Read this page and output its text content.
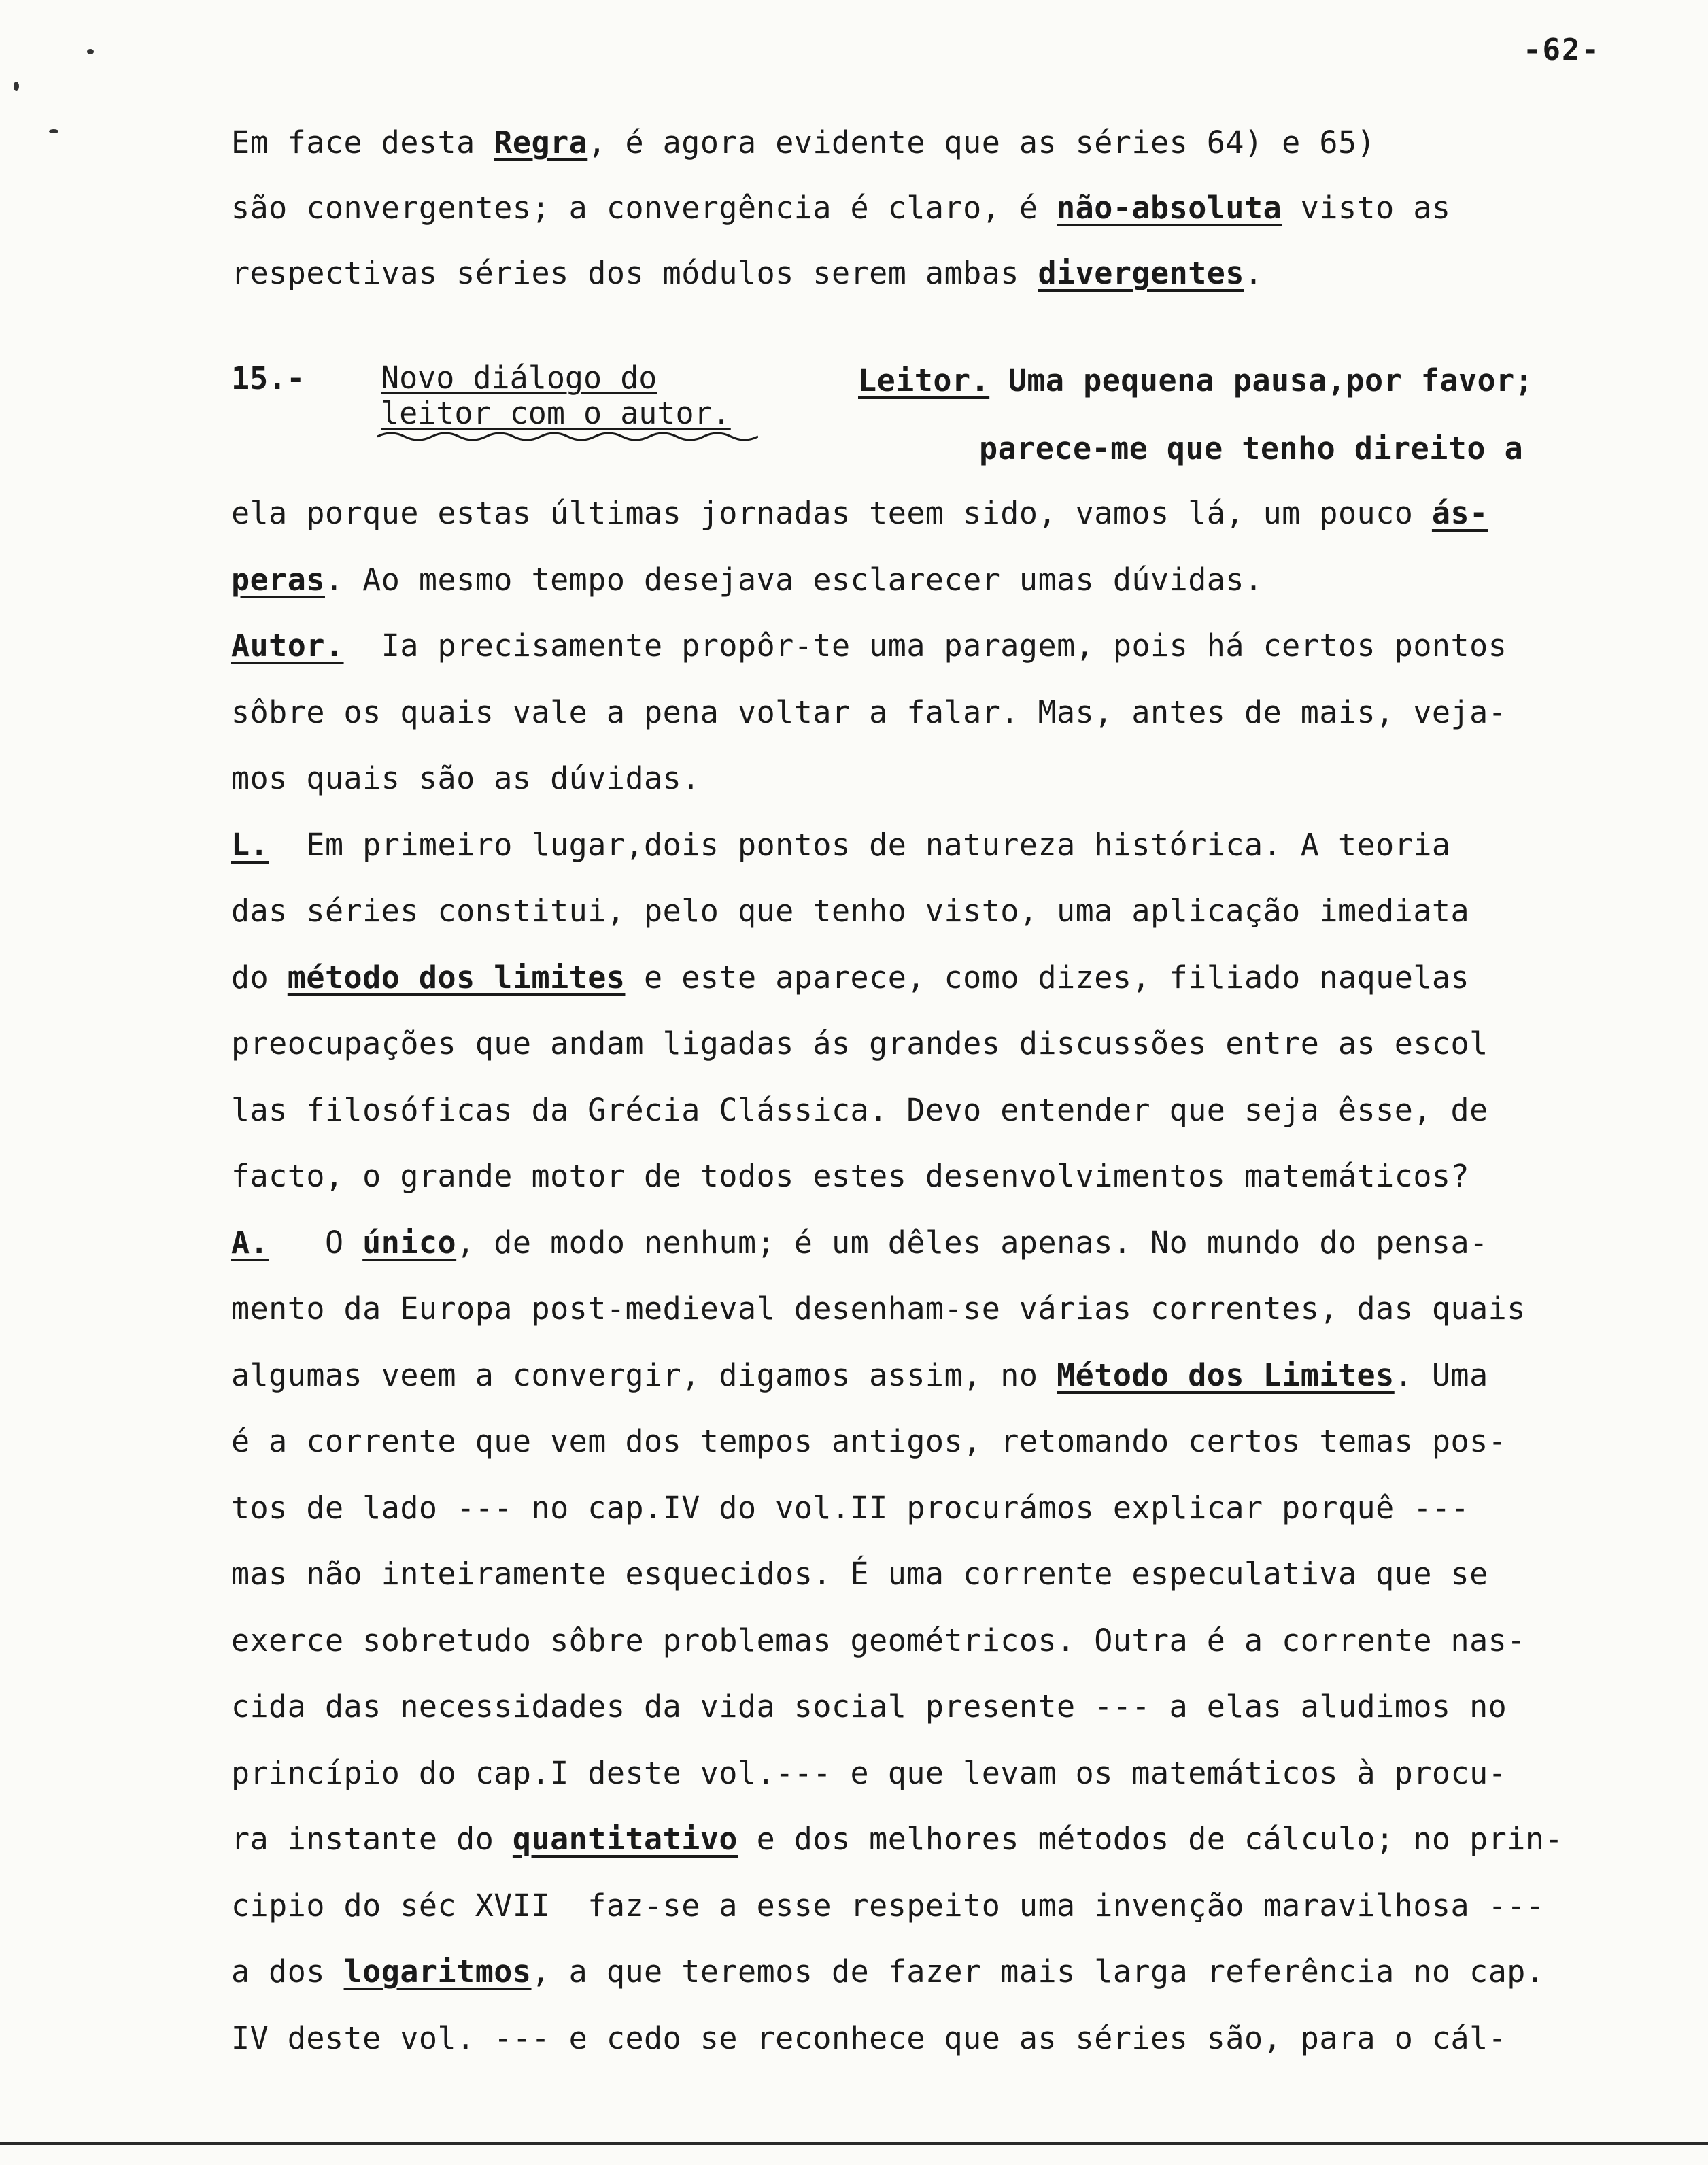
-62-
Em face desta Regra, é agora evidente que as séries 64) e 65)
são convergentes; a convergência é claro, é não-absoluta visto as
respectivas séries dos módulos serem ambas divergentes.
15.- Novo diálogo do
leitor com o autor.
Leitor. Uma pequena pausa,por favor;
parece-me que tenho direito a
ela porque estas últimas jornadas teem sido, vamos lá, um pouco ás-
peras. Ao mesmo tempo desejava esclarecer umas dúvidas.
Autor.  Ia precisamente propôr-te uma paragem, pois há certos pontos
sôbre os quais vale a pena voltar a falar. Mas, antes de mais, veja-
mos quais são as dúvidas.
L.  Em primeiro lugar,dois pontos de natureza histórica. A teoria
das séries constitui, pelo que tenho visto, uma aplicação imediata
do método dos limites e este aparece, como dizes, filiado naquelas
preocupações que andam ligadas ás grandes discussões entre as escol
las filosóficas da Grécia Clássica. Devo entender que seja êsse, de
facto, o grande motor de todos estes desenvolvimentos matemáticos?
A.   O único, de modo nenhum; é um dêles apenas. No mundo do pensa-
mento da Europa post-medieval desenham-se várias correntes, das quais
algumas veem a convergir, digamos assim, no Método dos Limites. Uma
é a corrente que vem dos tempos antigos, retomando certos temas pos-
tos de lado --- no cap.IV do vol.II procurámos explicar porquê ---
mas não inteiramente esquecidos. É uma corrente especulativa que se
exerce sobretudo sôbre problemas geométricos. Outra é a corrente nas-
cida das necessidades da vida social presente --- a elas aludimos no
princípio do cap.I deste vol.--- e que levam os matemáticos à procu-
ra instante do quantitativo e dos melhores métodos de cálculo; no prin-
cipio do séc XVII  faz-se a esse respeito uma invenção maravilhosa ---
a dos logaritmos, a que teremos de fazer mais larga referência no cap.
IV deste vol. --- e cedo se reconhece que as séries são, para o cál-
